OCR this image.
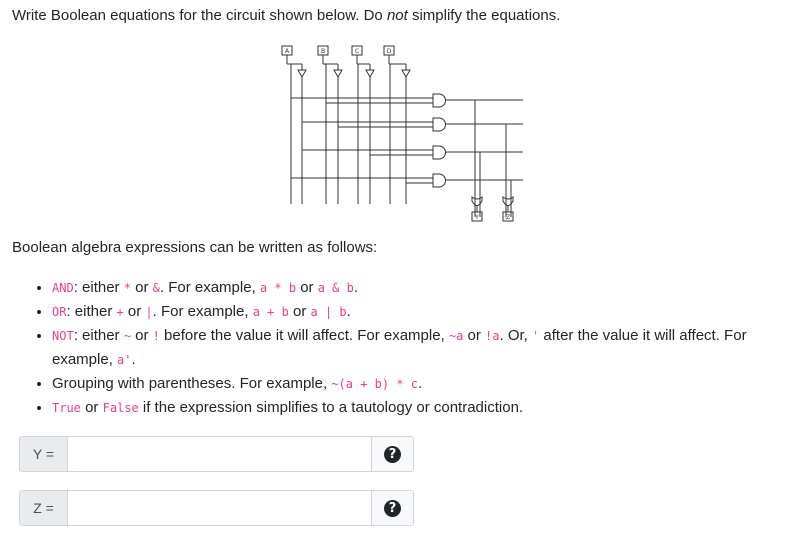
Write Boolean equations for the circuit shown below. Do not simplify the equations.
A	B	C	D
Y	Z
Boolean algebra expressions can be written as follows:
• AND: either * or &. For example, a * b or a & b.
• OR: either + or |. For example, a + b or a | b.
• NOT: either ~ or ! before the value it will affect. For example, ~a or !a. Or, ' after the value it will affect. For example, a'.
• Grouping with parentheses. For example, ~(a + b) * c.
• True or False if the expression simplifies to a tautology or contradiction.
Y =	?
Z =	?
